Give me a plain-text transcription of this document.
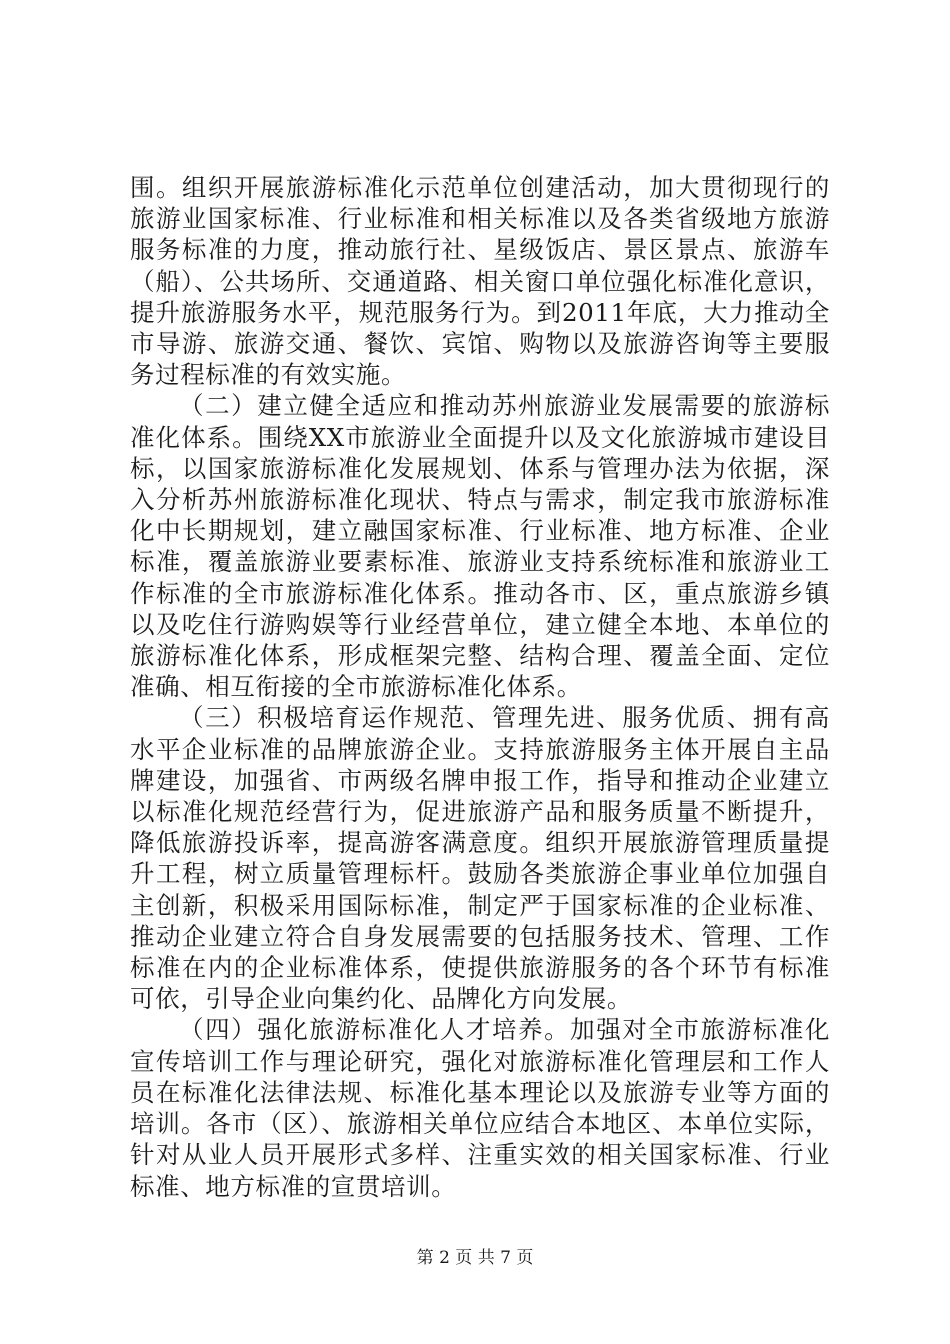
围。组织开展旅游标准化示范单位创建活动，加大贯彻现行的旅游业国家标准、行业标准和相关标准以及各类省级地方旅游服务标准的力度，推动旅行社、星级饭店、景区景点、旅游车（船）、公共场所、交通道路、相关窗口单位强化标准化意识，提升旅游服务水平，规范服务行为。到2011年底，大力推动全市导游、旅游交通、餐饮、宾馆、购物以及旅游咨询等主要服务过程标准的有效实施。

（二）建立健全适应和推动苏州旅游业发展需要的旅游标准化体系。围绕XX市旅游业全面提升以及文化旅游城市建设目标，以国家旅游标准化发展规划、体系与管理办法为依据，深入分析苏州旅游标准化现状、特点与需求，制定我市旅游标准化中长期规划，建立融国家标准、行业标准、地方标准、企业标准，覆盖旅游业要素标准、旅游业支持系统标准和旅游业工作标准的全市旅游标准化体系。推动各市、区，重点旅游乡镇以及吃住行游购娱等行业经营单位，建立健全本地、本单位的旅游标准化体系，形成框架完整、结构合理、覆盖全面、定位准确、相互衔接的全市旅游标准化体系。

（三）积极培育运作规范、管理先进、服务优质、拥有高水平企业标准的品牌旅游企业。支持旅游服务主体开展自主品牌建设，加强省、市两级名牌申报工作，指导和推动企业建立以标准化规范经营行为，促进旅游产品和服务质量不断提升，降低旅游投诉率，提高游客满意度。组织开展旅游管理质量提升工程，树立质量管理标杆。鼓励各类旅游企事业单位加强自主创新，积极采用国际标准，制定严于国家标准的企业标准、推动企业建立符合自身发展需要的包括服务技术、管理、工作标准在内的企业标准体系，使提供旅游服务的各个环节有标准可依，引导企业向集约化、品牌化方向发展。

（四）强化旅游标准化人才培养。加强对全市旅游标准化宣传培训工作与理论研究，强化对旅游标准化管理层和工作人员在标准化法律法规、标准化基本理论以及旅游专业等方面的培训。各市（区）、旅游相关单位应结合本地区、本单位实际，针对从业人员开展形式多样、注重实效的相关国家标准、行业标准、地方标准的宣贯培训。

第 2 页 共 7 页
